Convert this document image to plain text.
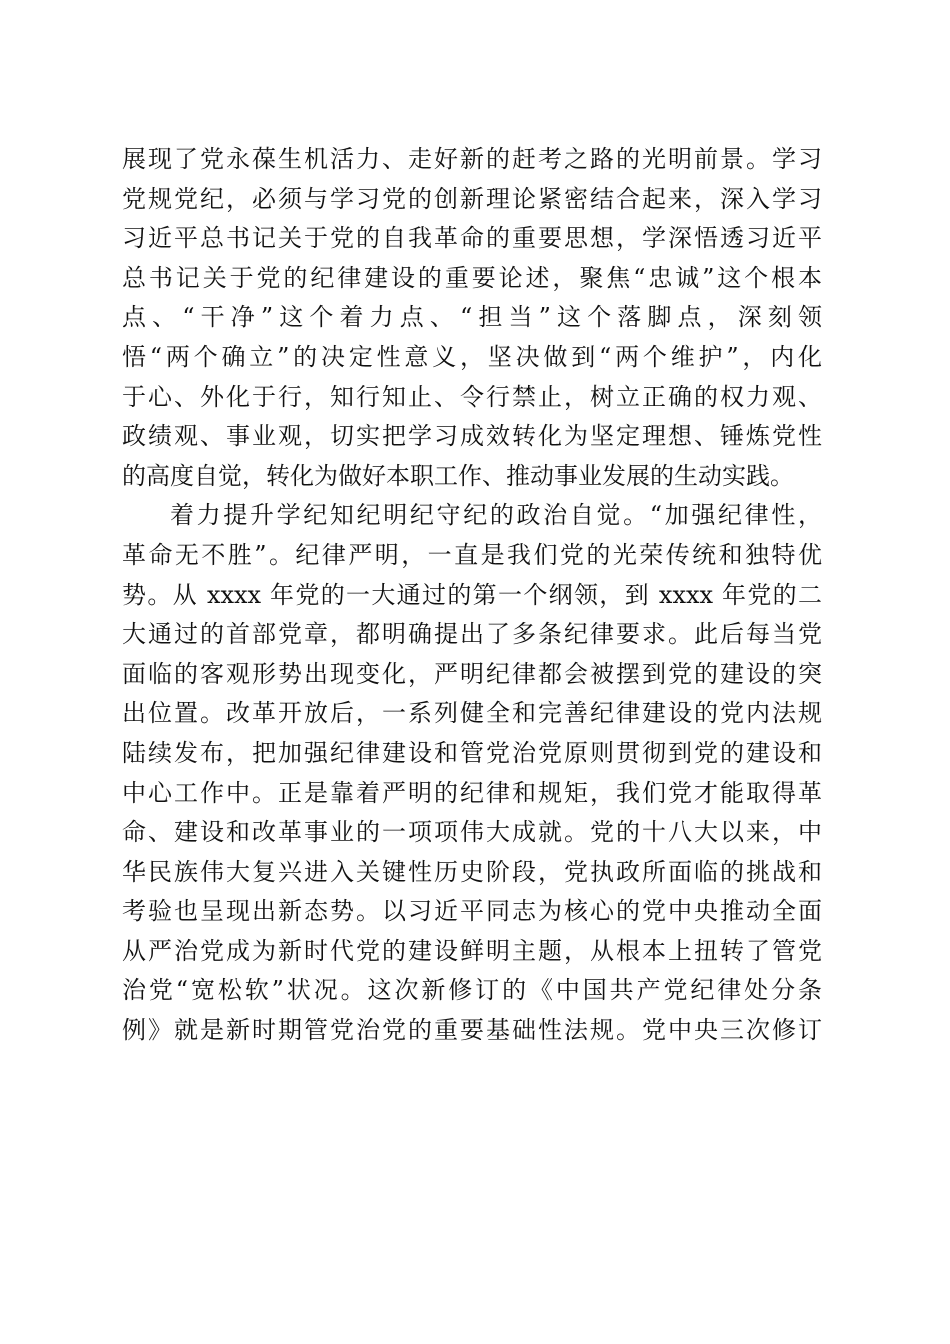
展现了党永葆生机活力、走好新的赶考之路的光明前景。学习
党规党纪，必须与学习党的创新理论紧密结合起来，深入学习
习近平总书记关于党的自我革命的重要思想，学深悟透习近平
总书记关于党的纪律建设的重要论述，聚焦“忠诚”这个根本
点、“干净”这个着力点、“担当”这个落脚点，深刻领
悟“两个确立”的决定性意义，坚决做到“两个维护”，内化
于心、外化于行，知行知止、令行禁止，树立正确的权力观、
政绩观、事业观，切实把学习成效转化为坚定理想、锤炼党性
的高度自觉，转化为做好本职工作、推动事业发展的生动实践。
着力提升学纪知纪明纪守纪的政治自觉。“加强纪律性，
革命无不胜”。纪律严明，一直是我们党的光荣传统和独特优
势。从 xxxx 年党的一大通过的第一个纲领，到 xxxx 年党的二
大通过的首部党章，都明确提出了多条纪律要求。此后每当党
面临的客观形势出现变化，严明纪律都会被摆到党的建设的突
出位置。改革开放后，一系列健全和完善纪律建设的党内法规
陆续发布，把加强纪律建设和管党治党原则贯彻到党的建设和
中心工作中。正是靠着严明的纪律和规矩，我们党才能取得革
命、建设和改革事业的一项项伟大成就。党的十八大以来，中
华民族伟大复兴进入关键性历史阶段，党执政所面临的挑战和
考验也呈现出新态势。以习近平同志为核心的党中央推动全面
从严治党成为新时代党的建设鲜明主题，从根本上扭转了管党
治党“宽松软”状况。这次新修订的《中国共产党纪律处分条
例》就是新时期管党治党的重要基础性法规。党中央三次修订
